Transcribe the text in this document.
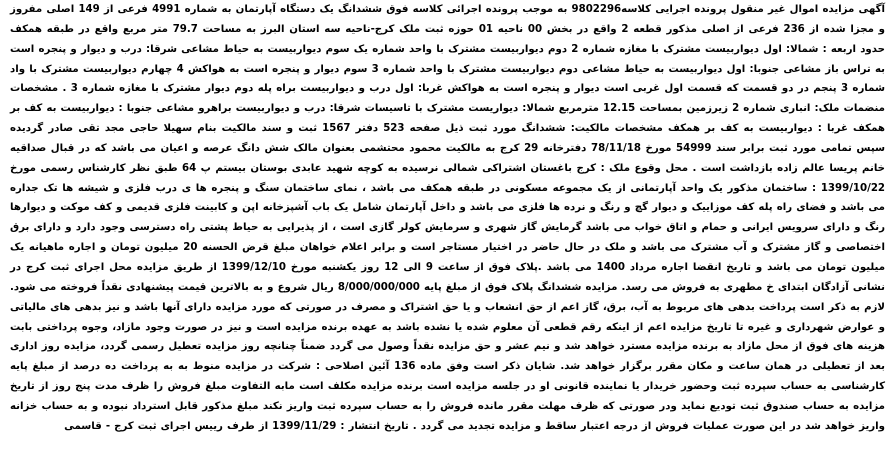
آگهی مزایده اموال غیر منقول پرونده اجرایی کلاسه9802296 به موجب پرونده اجرائی کلاسه فوق ششدانگ یک دستگاه آپارتمان به شماره 4991 فرعی از 149 اصلی مفروز و مجزا شده از 236 فرعی از اصلی مذکور قطعه 2 واقع در بخش 00 ناحیه 01 حوزه ثبت ملک کرج-ناحیه سه استان البرز به مساحت 79.7 متر مربع واقع در طبقه همکف حدود اربعه : شمالا: اول دیواربیست مشترک با مغازه شماره 2 دوم دیواربیست مشترک با واحد شماره یک سوم دیواربیست به حیاط مشاعی شرقا: درب و دیوار و پنجره است به تراس باز مشاعی جنوبا: اول دیواربیست به حیاط مشاعی دوم دیواربیست مشترک با واحد شماره 3 سوم دیوار و پنجره است به هواکش 4 چهارم دیواربیست مشترک با واد شماره 3 پنجم در دو قسمت که قسمت اول غربی است دیوار و پنجره است به هواکش غربا: اول درب و دیواربیست براه پله دوم دیوار مشترک با مغازه شماره 3 . مشخصات منضمات ملک: انباری شماره 2 زیرزمین بمساحت 12.15 مترمربع شمالا: دیواریست مشترک با تاسیسات شرقا: درب و دیواربیست براهرو مشاعی جنوبا : دیواربیست به کف بر همکف غربا : دیواربیست به کف بر همکف مشخصات مالکیت: ششدانگ مورد ثبت ذیل صفحه 523 دفتر 1567 ثبت و سند مالکیت بنام سهیلا حاجی مجد تقی صادر گردیده سپس تمامی مورد ثبت برابر سند 54999 مورخ 78/11/18 دفترخانه 29 کرج به مالکیت محمود محتشمی بعنوان مالک شش دانگ عرصه و اعیان می باشد که در قبال صداقیه خانم پریسا عالم زاده بازداشت است . محل وقوع ملک : کرج باغستان اشتراکی شمالی نرسیده به کوچه شهید عابدی بوستان بیستم پ 64 طبق نظر کارشناس رسمی مورخ 1399/10/22 : ساختمان مذکور یک واحد آپارتمانی از یک مجموعه مسکونی در طبقه همکف می باشد ، نمای ساختمان سنگ و پنجره ها ی درب فلزی و شیشه ها تک جداره می باشد و فضای راه پله کف موزاییک و دیوار گچ و رنگ و نرده ها فلزی می باشد و داخل آپارتمان شامل یک باب آشپزخانه اپن و کابینت فلزی قدیمی و کف موکت و دیوارها رنگ و دارای سرویس ایرانی و حمام و اتاق خواب می باشد گرمایش گاز شهری و سرمایش کولر گازی است ، از پذیرایی به حیاط پشتی راه دسترسی وجود دارد و دارای برق اختصاصی و گاز مشترک و آب مشترک می باشد و ملک در حال حاضر در اختیار مستاجر است و برابر اعلام خواهان مبلغ قرض الحسنه 20 میلیون تومان و اجاره ماهیانه یک میلیون تومان می باشد و تاریخ انقضا اجاره مرداد 1400 می باشد .پلاک فوق از ساعت 9 الی 12 روز یکشنبه مورخ 1399/12/10 از طریق مزایده محل اجرای ثبت کرج در نشانی آزادگان ابتدای خ مطهری به فروش می رسد. مزایده ششدانگ پلاک فوق از مبلغ پایه 8/000/000/000 ریال شروع و به بالاترین قیمت پیشنهادی نقداً فروخته می شود. لازم به ذکر است پرداخت بدهی های مربوط به آب، برق، گاز اعم از حق انشعاب و یا حق اشتراک و مصرف در صورتی که مورد مزایده دارای آنها باشد و نیز بدهی های مالیاتی و عوارض شهرداری و غیره تا تاریخ مزایده اعم از اینکه رقم قطعی آن معلوم شده یا نشده باشد به عهده برنده مزایده است و نیز در صورت وجود مازاد، وجوه پرداختی بابت هزینه های فوق از محل مازاد به برنده مزایده مسترد خواهد شد و نیم عشر و حق مزایده نقداً وصول می گردد ضمناً چنانچه روز مزایده تعطیل رسمی گردد، مزایده روز اداری بعد از تعطیلی در همان ساعت و مکان مقرر برگزار خواهد شد. شایان ذکر است وفق ماده 136 آئین اصلاحی : شرکت در مزایده منوط به به پرداخت ده درصد از مبلغ پایه کارشناسی به حساب سپرده ثبت وحضور خریدار یا نماینده قانونی او در جلسه مزایده است برنده مزایده مکلف است مابه التفاوت مبلغ فروش را ظرف مدت پنج روز از تاریخ مزایده به حساب صندوق ثبت تودیع نماید ودر صورتی که ظرف مهلت مقرر مانده فروش را به حساب سپرده ثبت واریز نکند مبلغ مذکور قابل استرداد نبوده و به حساب خزانه واریز خواهد شد در این صورت عملیات فروش از درجه اعتبار ساقط و مزایده تجدید می گردد . تاریخ انتشار : 1399/11/29 از طرف رییس اجرای ثبت کرج - قاسمی
